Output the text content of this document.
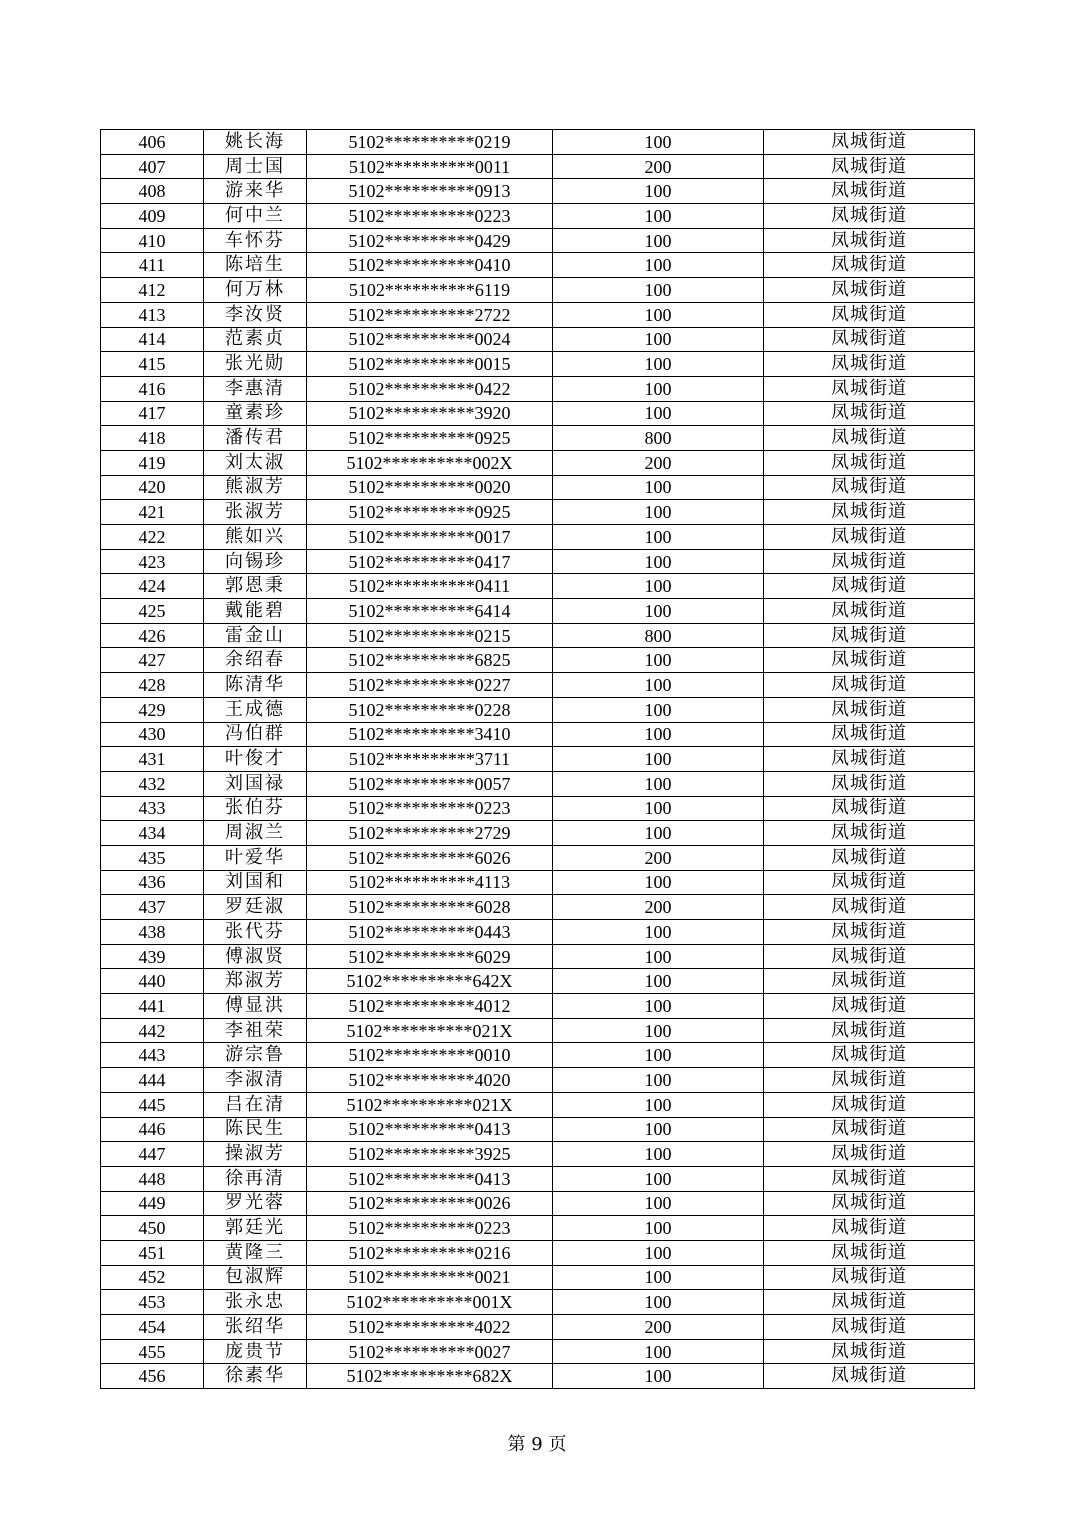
406	姚长海	5102**********0219	100	凤城街道
407	周士国	5102**********0011	200	凤城街道
408	游来华	5102**********0913	100	凤城街道
409	何中兰	5102**********0223	100	凤城街道
410	车怀芬	5102**********0429	100	凤城街道
411	陈培生	5102**********0410	100	凤城街道
412	何万林	5102**********6119	100	凤城街道
413	李汝贤	5102**********2722	100	凤城街道
414	范素贞	5102**********0024	100	凤城街道
415	张光勋	5102**********0015	100	凤城街道
416	李惠清	5102**********0422	100	凤城街道
417	童素珍	5102**********3920	100	凤城街道
418	潘传君	5102**********0925	800	凤城街道
419	刘太淑	5102**********002X	200	凤城街道
420	熊淑芳	5102**********0020	100	凤城街道
421	张淑芳	5102**********0925	100	凤城街道
422	熊如兴	5102**********0017	100	凤城街道
423	向锡珍	5102**********0417	100	凤城街道
424	郭恩秉	5102**********0411	100	凤城街道
425	戴能碧	5102**********6414	100	凤城街道
426	雷金山	5102**********0215	800	凤城街道
427	余绍春	5102**********6825	100	凤城街道
428	陈清华	5102**********0227	100	凤城街道
429	王成德	5102**********0228	100	凤城街道
430	冯伯群	5102**********3410	100	凤城街道
431	叶俊才	5102**********3711	100	凤城街道
432	刘国禄	5102**********0057	100	凤城街道
433	张伯芬	5102**********0223	100	凤城街道
434	周淑兰	5102**********2729	100	凤城街道
435	叶爱华	5102**********6026	200	凤城街道
436	刘国和	5102**********4113	100	凤城街道
437	罗廷淑	5102**********6028	200	凤城街道
438	张代芬	5102**********0443	100	凤城街道
439	傅淑贤	5102**********6029	100	凤城街道
440	郑淑芳	5102**********642X	100	凤城街道
441	傅显洪	5102**********4012	100	凤城街道
442	李祖荣	5102**********021X	100	凤城街道
443	游宗鲁	5102**********0010	100	凤城街道
444	李淑清	5102**********4020	100	凤城街道
445	吕在清	5102**********021X	100	凤城街道
446	陈民生	5102**********0413	100	凤城街道
447	操淑芳	5102**********3925	100	凤城街道
448	徐再清	5102**********0413	100	凤城街道
449	罗光蓉	5102**********0026	100	凤城街道
450	郭廷光	5102**********0223	100	凤城街道
451	黄隆三	5102**********0216	100	凤城街道
452	包淑辉	5102**********0021	100	凤城街道
453	张永忠	5102**********001X	100	凤城街道
454	张绍华	5102**********4022	200	凤城街道
455	庞贵节	5102**********0027	100	凤城街道
456	徐素华	5102**********682X	100	凤城街道
第 9 页
